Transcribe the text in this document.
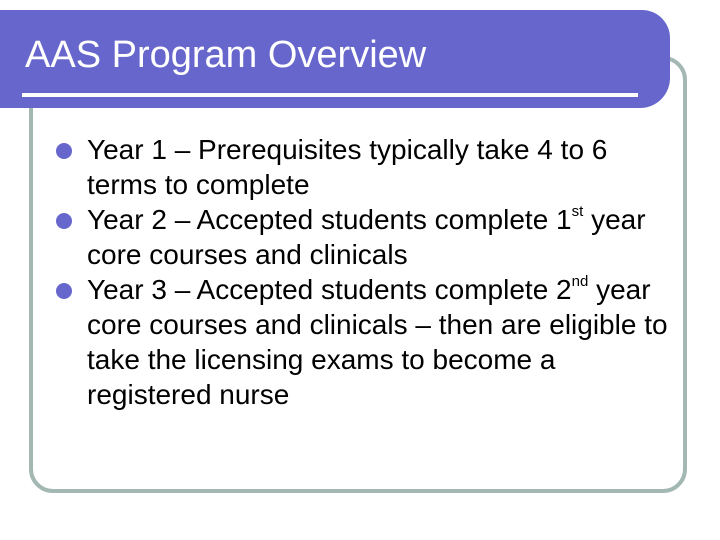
AAS Program Overview
Year 1 – Prerequisites typically take 4 to 6 terms to complete
Year 2 – Accepted students complete 1st year core courses and clinicals
Year 3 – Accepted students complete 2nd year core courses and clinicals – then are eligible to take the licensing exams to become a registered nurse
